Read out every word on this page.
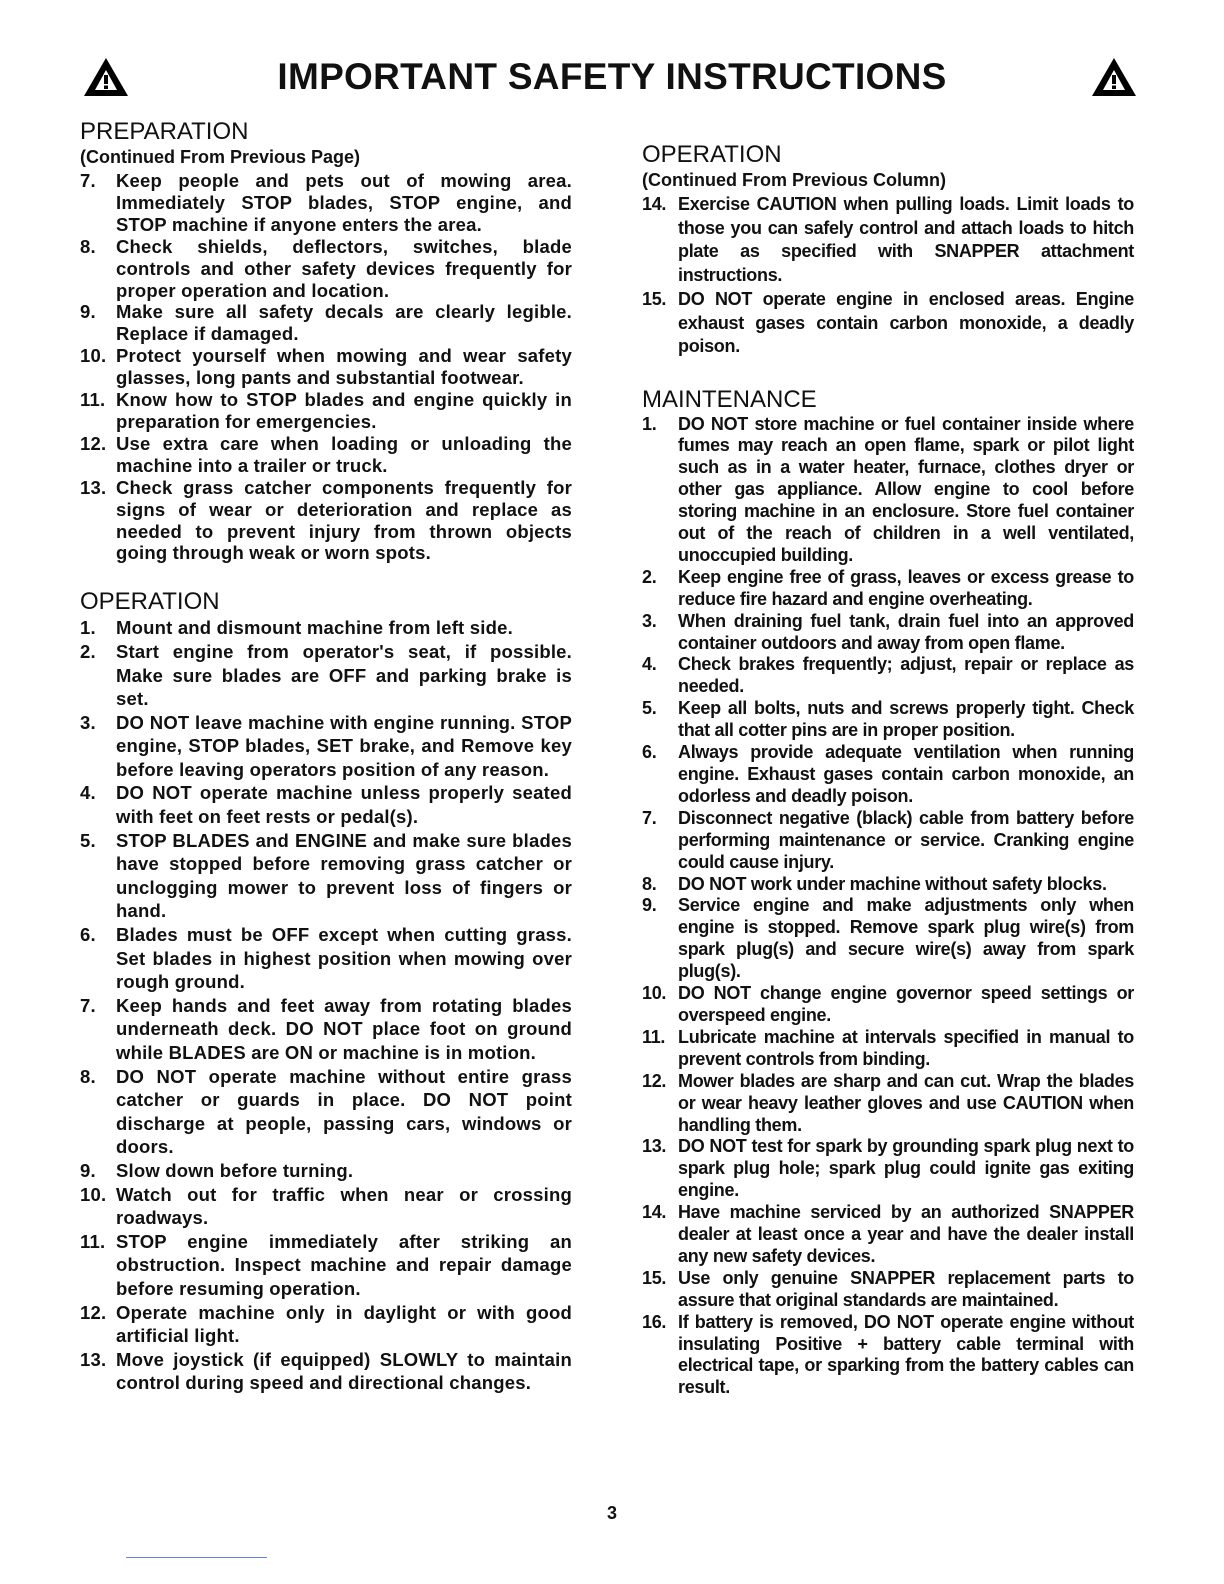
IMPORTANT SAFETY INSTRUCTIONS
PREPARATION

(Continued From Previous Page)

7. Keep people and pets out of mowing area. Immediately STOP blades, STOP engine, and STOP machine if anyone enters the area.
8. Check shields, deflectors, switches, blade controls and other safety devices frequently for proper operation and location.
9. Make sure all safety decals are clearly legible. Replace if damaged.
10. Protect yourself when mowing and wear safety glasses, long pants and substantial footwear.
11. Know how to STOP blades and engine quickly in preparation for emergencies.
12. Use extra care when loading or unloading the machine into a trailer or truck.
13. Check grass catcher components frequently for signs of wear or deterioration and replace as needed to prevent injury from thrown objects going through weak or worn spots.
OPERATION
1. Mount and dismount machine from left side.
2. Start engine from operator's seat, if possible. Make sure blades are OFF and parking brake is set.
3. DO NOT leave machine with engine running. STOP engine, STOP blades, SET brake, and Remove key before leaving operators position of any reason.
4. DO NOT operate machine unless properly seated with feet on feet rests or pedal(s).
5. STOP BLADES and ENGINE and make sure blades have stopped before removing grass catcher or unclogging mower to prevent loss of fingers or hand.
6. Blades must be OFF except when cutting grass. Set blades in highest position when mowing over rough ground.
7. Keep hands and feet away from rotating blades underneath deck. DO NOT place foot on ground while BLADES are ON or machine is in motion.
8. DO NOT operate machine without entire grass catcher or guards in place. DO NOT point discharge at people, passing cars, windows or doors.
9. Slow down before turning.
10. Watch out for traffic when near or crossing roadways.
11. STOP engine immediately after striking an obstruction. Inspect machine and repair damage before resuming operation.
12. Operate machine only in daylight or with good artificial light.
13. Move joystick (if equipped) SLOWLY to maintain control during speed and directional changes.
OPERATION

(Continued From Previous Column)

14. Exercise CAUTION when pulling loads. Limit loads to those you can safely control and attach loads to hitch plate as specified with SNAPPER attachment instructions.
15. DO NOT operate engine in enclosed areas. Engine exhaust gases contain carbon monoxide, a deadly poison.
MAINTENANCE
1. DO NOT store machine or fuel container inside where fumes may reach an open flame, spark or pilot light such as in a water heater, furnace, clothes dryer or other gas appliance. Allow engine to cool before storing machine in an enclosure. Store fuel container out of the reach of children in a well ventilated, unoccupied building.
2. Keep engine free of grass, leaves or excess grease to reduce fire hazard and engine overheating.
3. When draining fuel tank, drain fuel into an approved container outdoors and away from open flame.
4. Check brakes frequently; adjust, repair or replace as needed.
5. Keep all bolts, nuts and screws properly tight. Check that all cotter pins are in proper position.
6. Always provide adequate ventilation when running engine. Exhaust gases contain carbon monoxide, an odorless and deadly poison.
7. Disconnect negative (black) cable from battery before performing maintenance or service. Cranking engine could cause injury.
8. DO NOT work under machine without safety blocks.
9. Service engine and make adjustments only when engine is stopped. Remove spark plug wire(s) from spark plug(s) and secure wire(s) away from spark plug(s).
10. DO NOT change engine governor speed settings or overspeed engine.
11. Lubricate machine at intervals specified in manual to prevent controls from binding.
12. Mower blades are sharp and can cut. Wrap the blades or wear heavy leather gloves and use CAUTION when handling them.
13. DO NOT test for spark by grounding spark plug next to spark plug hole; spark plug could ignite gas exiting engine.
14. Have machine serviced by an authorized SNAPPER dealer at least once a year and have the dealer install any new safety devices.
15. Use only genuine SNAPPER replacement parts to assure that original standards are maintained.
16. If battery is removed, DO NOT operate engine without insulating Positive + battery cable terminal with electrical tape, or sparking from the battery cables can result.
3
